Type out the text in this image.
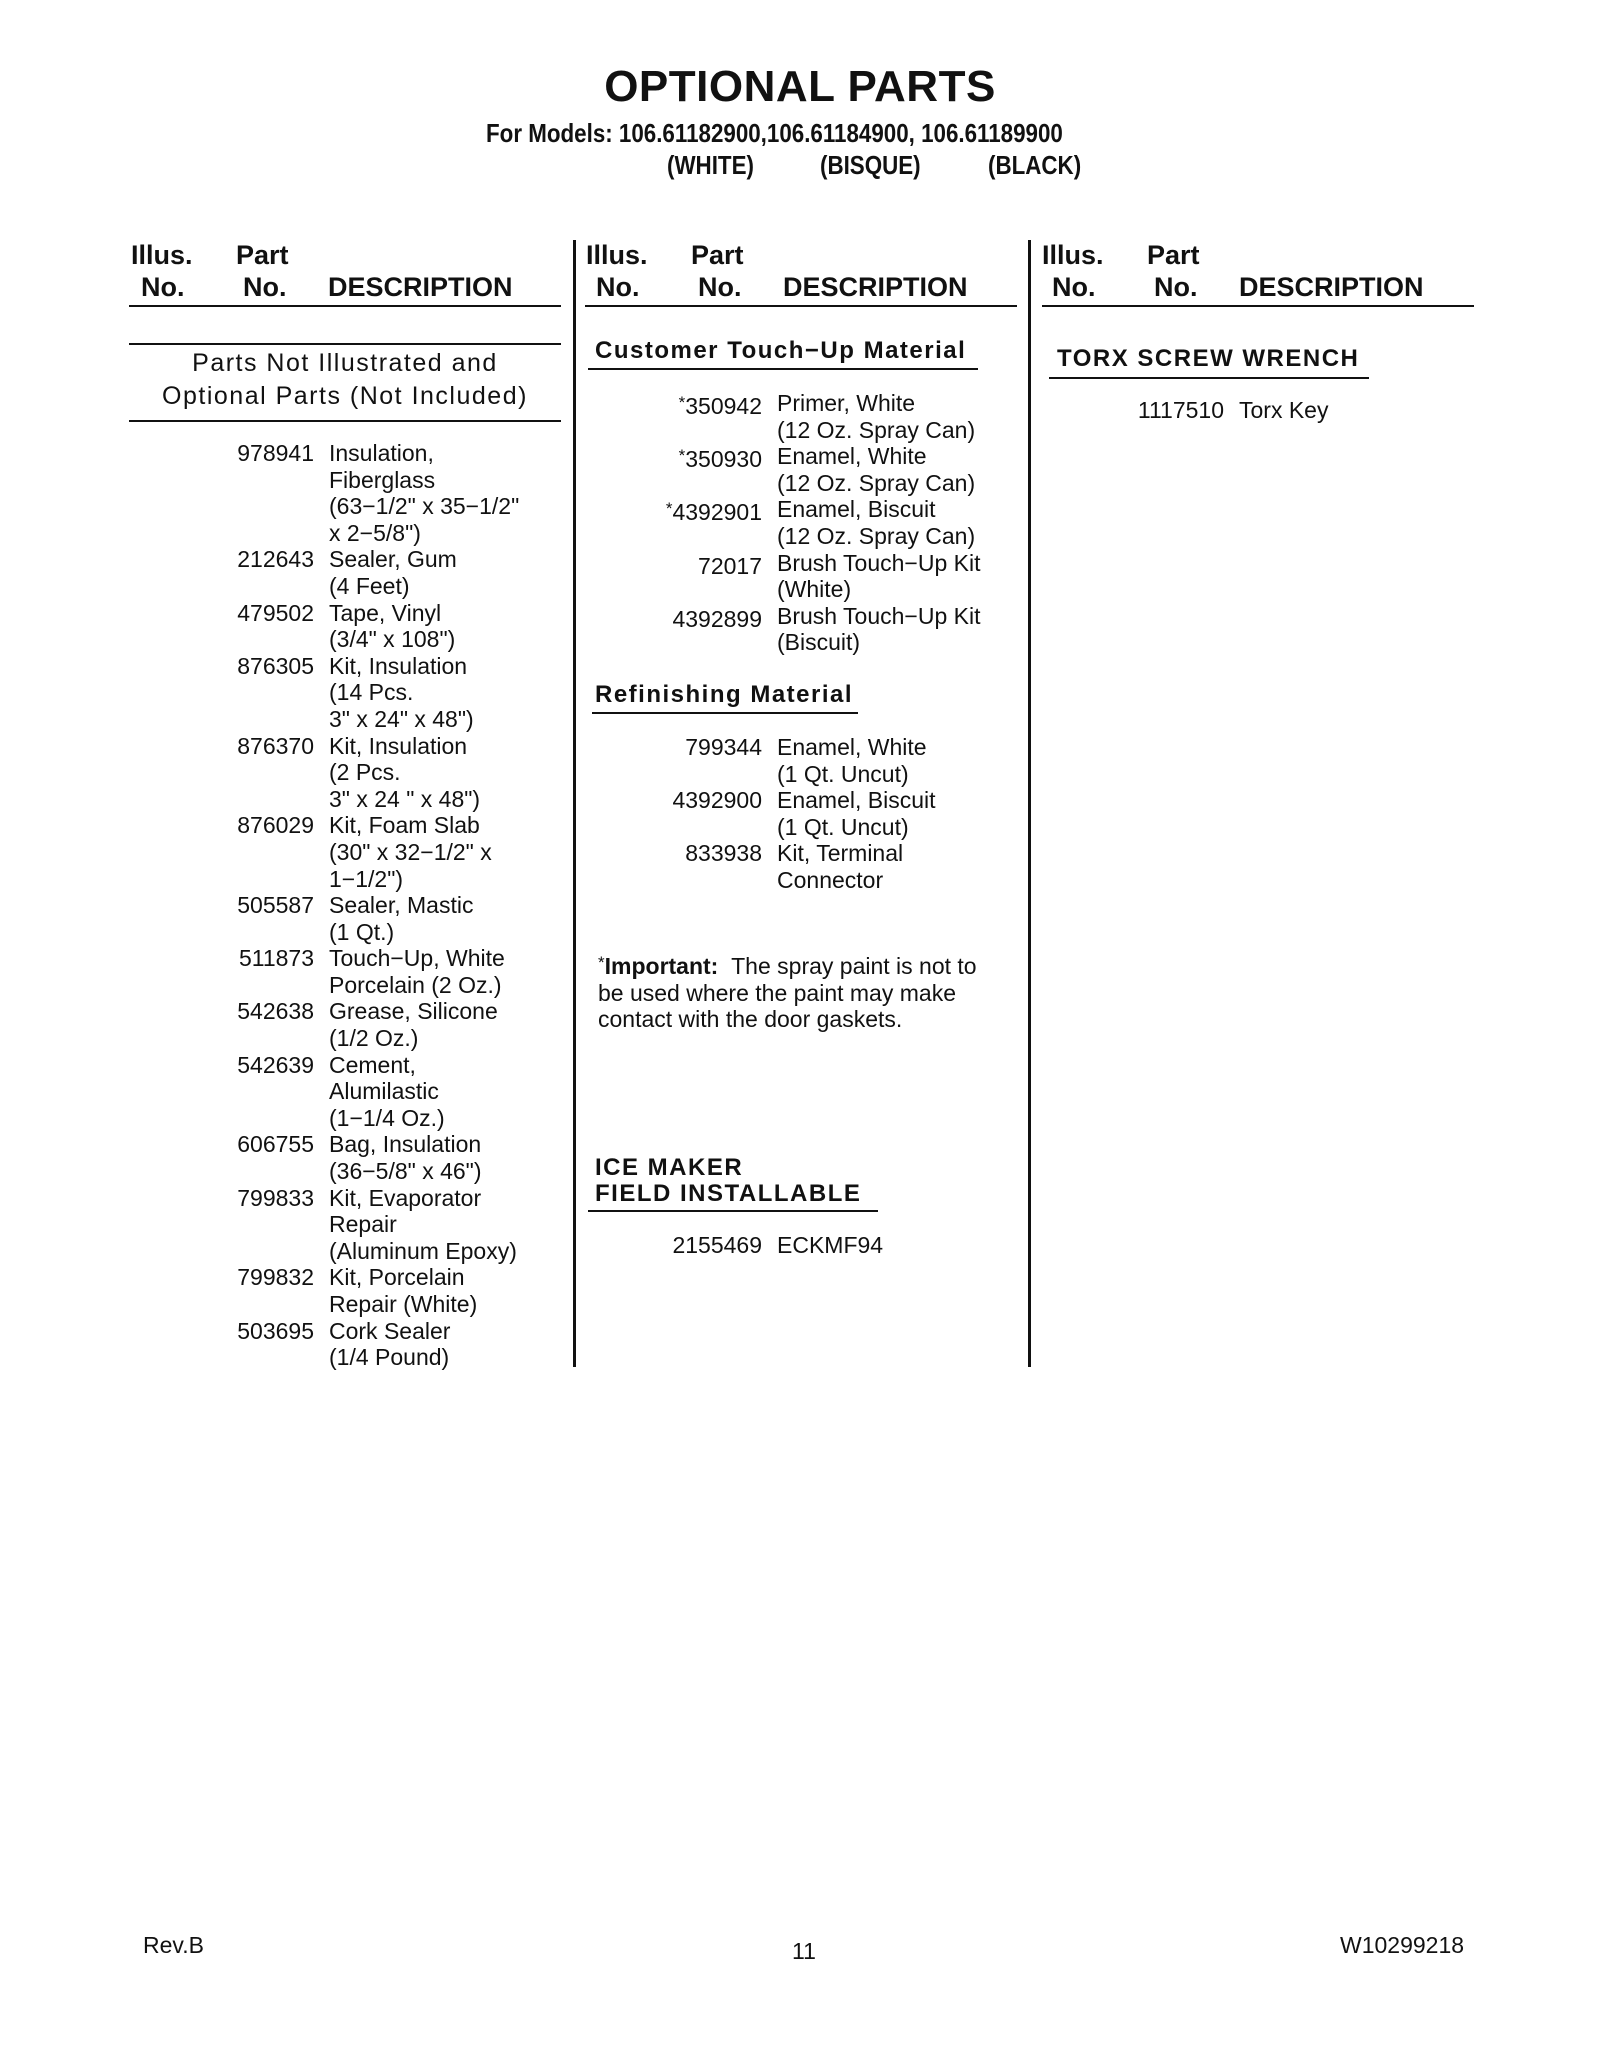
OPTIONAL PARTS
For Models: 106.61182900,106.61184900, 106.61189900
(WHITE)	(BISQUE)	(BLACK)
Illus.
No.
Part
No. DESCRIPTION
Illus.
No.
Part
No. DESCRIPTION
Illus.
No.
Part
No. DESCRIPTION
Parts Not Illustrated and
Optional Parts (Not Included)
978941 Insulation,
Fiberglass
(63−1/2" x 35−1/2"
x 2−5/8")
212643 Sealer, Gum
(4 Feet)
479502 Tape, Vinyl
(3/4" x 108")
876305 Kit, Insulation
(14 Pcs.
3" x 24" x 48")
876370 Kit, Insulation
(2 Pcs.
3" x 24 " x 48")
876029 Kit, Foam Slab
(30" x 32−1/2" x
1−1/2")
505587 Sealer, Mastic
(1 Qt.)
511873 Touch−Up, White
Porcelain (2 Oz.)
542638 Grease, Silicone
(1/2 Oz.)
542639 Cement,
Alumilastic
(1−1/4 Oz.)
606755 Bag, Insulation
(36−5/8" x 46")
799833 Kit, Evaporator
Repair
(Aluminum Epoxy)
799832 Kit, Porcelain
Repair (White)
503695 Cork Sealer
(1/4 Pound)
Customer Touch−Up Material
*350942 Primer, White
(12 Oz. Spray Can)
*350930 Enamel, White
(12 Oz. Spray Can)
*4392901 Enamel, Biscuit
(12 Oz. Spray Can)
72017 Brush Touch−Up Kit
(White)
4392899 Brush Touch−Up Kit
(Biscuit)
Refinishing Material
799344 Enamel, White
(1 Qt. Uncut)
4392900 Enamel, Biscuit
(1 Qt. Uncut)
833938 Kit, Terminal
Connector
*Important: The spray paint is not to be used where the paint may make contact with the door gaskets.
ICE MAKER
FIELD INSTALLABLE
2155469 ECKMF94
TORX SCREW WRENCH
1117510 Torx Key
Rev.B	11	W10299218
